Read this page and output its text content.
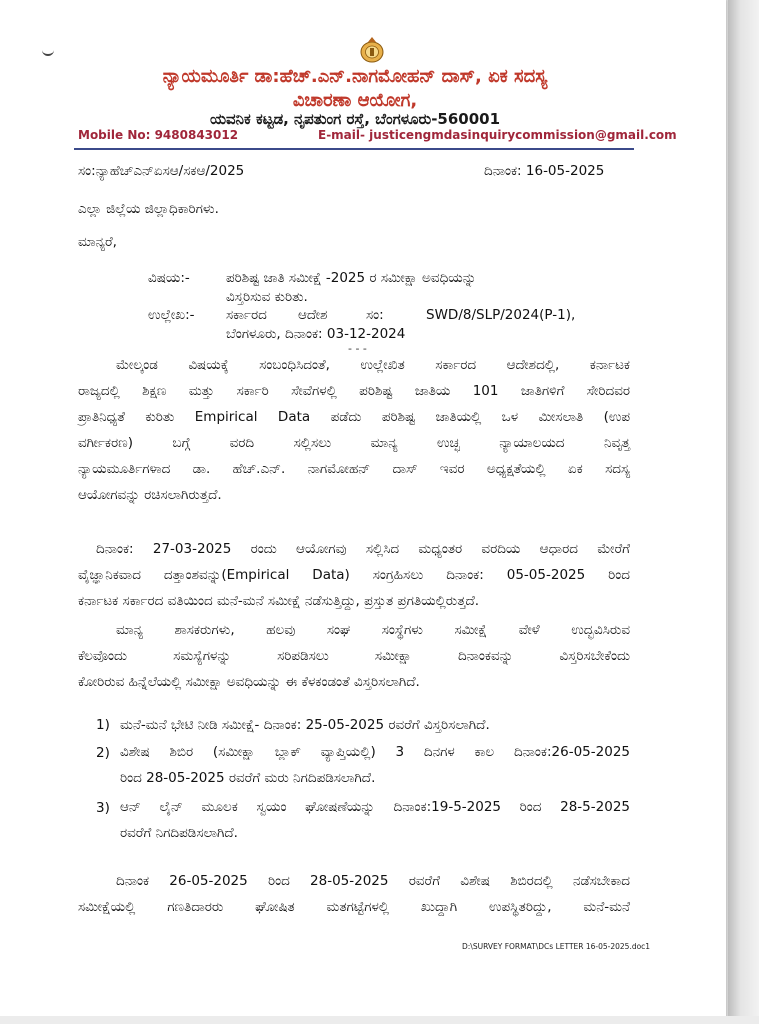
ನ್ಯಾಯಮೂರ್ತಿ ಡಾ:ಹೆಚ್.ಎನ್.ನಾಗಮೋಹನ್ ದಾಸ್, ಏಕ ಸದಸ್ಯ
ವಿಚಾರಣಾ ಆಯೋಗ,
ಯವನಿಕ ಕಟ್ಟಡ, ನೃಪತುಂಗ ರಸ್ತೆ, ಬೆಂಗಳೂರು-560001
Mobile No: 9480843012	E-mail- justicengmdasinquirycommission@gmail.com
ಸಂ:ನ್ಯಾಹೆಚ್ಎನ್ಏಸಆ/ಸಕಆ/2025	ದಿನಾಂಕ: 16-05-2025
ಎಲ್ಲಾ ಜಿಲ್ಲೆಯ ಜಿಲ್ಲಾಧಿಕಾರಿಗಳು.
ಮಾನ್ಯರೆ,
ವಿಷಯ:-	ಪರಿಶಿಷ್ಟ ಜಾತಿ ಸಮೀಕ್ಷೆ -2025 ರ ಸಮೀಕ್ಷಾ ಅವಧಿಯನ್ನು
ವಿಸ್ತರಿಸುವ ಕುರಿತು.
ಉಲ್ಲೇಖ:- ಸರ್ಕಾರದ ಆದೇಶ	ಸಂ:	SWD/8/SLP/2024(P-1),
ಬೆಂಗಳೂರು, ದಿನಾಂಕ: 03-12-2024
- - -
ಮೇಲ್ಕಂಡ ವಿಷಯಕ್ಕೆ ಸಂಬಂಧಿಸಿದಂತೆ, ಉಲ್ಲೇಖಿತ ಸರ್ಕಾರದ ಆದೇಶದಲ್ಲಿ, ಕರ್ನಾಟಕ
ರಾಜ್ಯದಲ್ಲಿ ಶಿಕ್ಷಣ ಮತ್ತು ಸರ್ಕಾರಿ ಸೇವೆಗಳಲ್ಲಿ ಪರಿಶಿಷ್ಟ ಜಾತಿಯ 101 ಜಾತಿಗಳಿಗೆ ಸೇರಿದವರ
ಪ್ರಾತಿನಿಧ್ಯತೆ ಕುರಿತು Empirical Data ಪಡೆದು ಪರಿಶಿಷ್ಟ ಜಾತಿಯಲ್ಲಿ ಒಳ ಮೀಸಲಾತಿ (ಉಪ
ವರ್ಗೀಕರಣ) ಬಗ್ಗೆ ವರದಿ ಸಲ್ಲಿಸಲು ಮಾನ್ಯ ಉಚ್ಛ ನ್ಯಾಯಾಲಯದ ನಿವೃತ್ತ
ನ್ಯಾಯಮೂರ್ತಿಗಳಾದ ಡಾ. ಹೆಚ್.ಎನ್. ನಾಗಮೋಹನ್ ದಾಸ್ ಇವರ ಅಧ್ಯಕ್ಷತೆಯಲ್ಲಿ ಏಕ ಸದಸ್ಯ
ಆಯೋಗವನ್ನು ರಚಿಸಲಾಗಿರುತ್ತದೆ.
ದಿನಾಂಕ: 27-03-2025 ರಂದು ಆಯೋಗವು ಸಲ್ಲಿಸಿದ ಮಧ್ಯಂತರ ವರದಿಯ ಆಧಾರದ ಮೇರೆಗೆ
ವೈಜ್ಞಾನಿಕವಾದ ದತ್ತಾಂಶವನ್ನು(Empirical Data) ಸಂಗ್ರಹಿಸಲು ದಿನಾಂಕ: 05-05-2025 ರಿಂದ
ಕರ್ನಾಟಕ ಸರ್ಕಾರದ ವತಿಯಿಂದ ಮನೆ-ಮನೆ ಸಮೀಕ್ಷೆ ನಡೆಸುತ್ತಿದ್ದು, ಪ್ರಸ್ತುತ ಪ್ರಗತಿಯಲ್ಲಿರುತ್ತದೆ.
ಮಾನ್ಯ ಶಾಸಕರುಗಳು, ಹಲವು ಸಂಘ ಸಂಸ್ಥೆಗಳು ಸಮೀಕ್ಷೆ ವೇಳೆ ಉದ್ಭವಿಸಿರುವ
ಕೆಲವೊಂದು ಸಮಸ್ಯೆಗಳನ್ನು ಸರಿಪಡಿಸಲು ಸಮೀಕ್ಷಾ ದಿನಾಂಕವನ್ನು ವಿಸ್ತರಿಸಬೇಕೆಂದು
ಕೋರಿರುವ ಹಿನ್ನೆಲೆಯಲ್ಲಿ ಸಮೀಕ್ಷಾ ಅವಧಿಯನ್ನು ಈ ಕೆಳಕಂಡಂತೆ ವಿಸ್ತರಿಸಲಾಗಿದೆ.
1) ಮನೆ-ಮನೆ ಭೇಟಿ ನೀಡಿ ಸಮೀಕ್ಷೆ- ದಿನಾಂಕ: 25-05-2025 ರವರೆಗೆ ವಿಸ್ತರಿಸಲಾಗಿದೆ.
2) ವಿಶೇಷ ಶಿಬಿರ (ಸಮೀಕ್ಷಾ ಬ್ಲಾಕ್ ವ್ಯಾಪ್ತಿಯಲ್ಲಿ) 3 ದಿನಗಳ ಕಾಲ ದಿನಾಂಕ:26-05-2025
ರಿಂದ 28-05-2025 ರವರೆಗೆ ಮರು ನಿಗದಿಪಡಿಸಲಾಗಿದೆ.
3) ಆನ್ ಲೈನ್ ಮೂಲಕ ಸ್ವಯಂ ಘೋಷಣೆಯನ್ನು ದಿನಾಂಕ:19-5-2025 ರಿಂದ 28-5-2025
ರವರೆಗೆ ನಿಗದಿಪಡಿಸಲಾಗಿದೆ.
ದಿನಾಂಕ 26-05-2025 ರಿಂದ 28-05-2025 ರವರೆಗೆ ವಿಶೇಷ ಶಿಬಿರದಲ್ಲಿ ನಡೆಸಬೇಕಾದ
ಸಮೀಕ್ಷೆಯಲ್ಲಿ ಗಣತಿದಾರರು ಘೋಷಿತ ಮತಗಟ್ಟೆಗಳಲ್ಲಿ ಖುದ್ದಾಗಿ ಉಪಸ್ಥಿತರಿದ್ದು, ಮನೆ-ಮನೆ
D:\SURVEY FORMAT\DCs LETTER 16-05-2025.doc1
